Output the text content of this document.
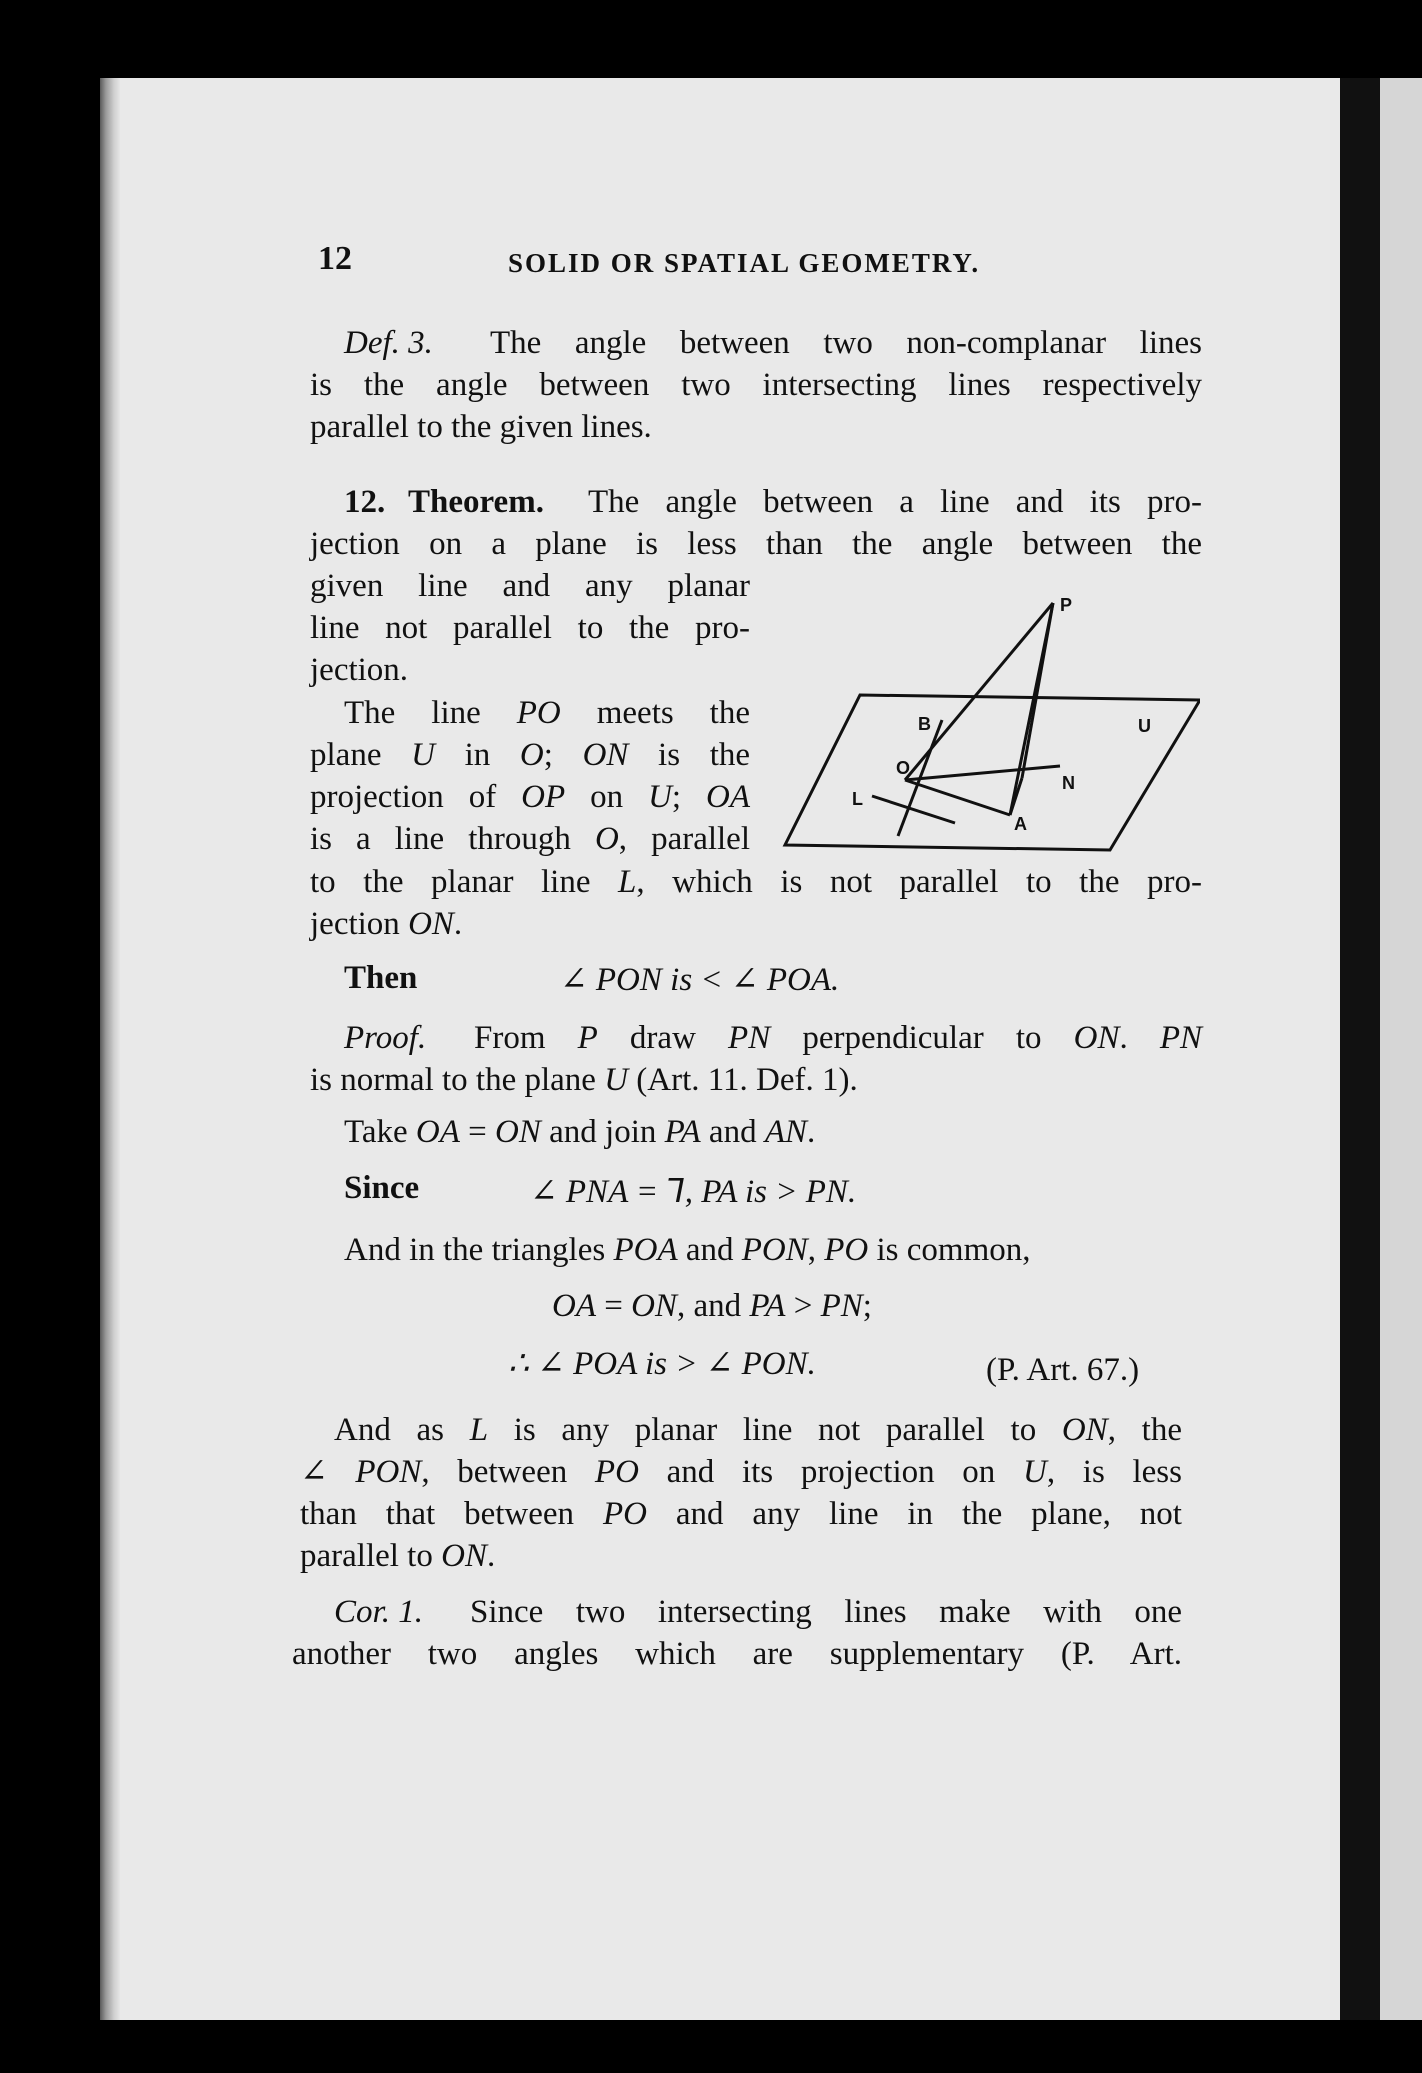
12	SOLID OR SPATIAL GEOMETRY.
Def. 3. The angle between two non-complanar lines
is the angle between two intersecting lines respectively
parallel to the given lines.
12. Theorem. The angle between a line and its pro-
jection on a plane is less than the angle between the
given line and any planar
line not parallel to the pro-
jection.
P
B	U
O
N
L
A
The line PO meets the
plane U in O; ON is the
projection of OP on U; OA
is a line through O, parallel
to the planar line L, which is not parallel to the pro-
jection ON.
Then	∠ PON is < ∠ POA.
Proof. From P draw PN perpendicular to ON. PN
is normal to the plane U (Art. 11. Def. 1).
Take OA = ON and join PA and AN.
Since	∠ PNA = ⅂, PA is > PN.
And in the triangles POA and PON, PO is common,
OA = ON, and PA > PN;
∴ ∠ POA is > ∠ PON.	(P. Art. 67.)
And as L is any planar line not parallel to ON, the
∠ PON, between PO and its projection on U, is less
than that between PO and any line in the plane, not
parallel to ON.
Cor. 1. Since two intersecting lines make with one
another two angles which are supplementary (P. Art.
